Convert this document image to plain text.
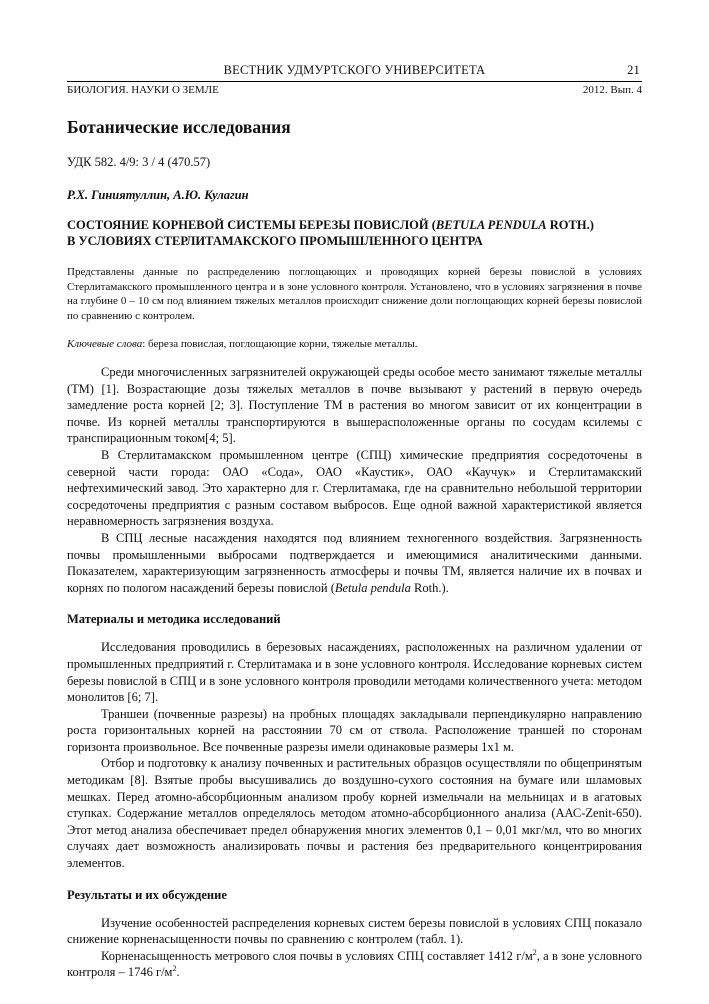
ВЕСТНИК УДМУРТСКОГО УНИВЕРСИТЕТА	21
БИОЛОГИЯ. НАУКИ О ЗЕМЛЕ	2012. Вып. 4
Ботанические исследования
УДК 582. 4/9: 3 / 4 (470.57)
Р.Х. Гиниятуллин, А.Ю. Кулагин
СОСТОЯНИЕ КОРНЕВОЙ СИСТЕМЫ БЕРЕЗЫ ПОВИСЛОЙ (BETULA PENDULA ROTH.)
В УСЛОВИЯХ СТЕРЛИТАМАКСКОГО ПРОМЫШЛЕННОГО ЦЕНТРА
Представлены данные по распределению поглощающих и проводящих корней березы повислой в условиях Стерлитамакского промышленного центра и в зоне условного контроля. Установлено, что в условиях загрязнения в почве на глубине 0 – 10 см под влиянием тяжелых металлов происходит снижение доли поглощающих корней березы повислой по сравнению с контролем.
Ключевые слова: береза повислая, поглощающие корни, тяжелые металлы.

Среди многочисленных загрязнителей окружающей среды особое место занимают тяжелые металлы (ТМ) [1]. Возрастающие дозы тяжелых металлов в почве вызывают у растений в первую очередь замедление роста корней [2; 3]. Поступление ТМ в растения во многом зависит от их концентрации в почве. Из корней металлы транспортируются в вышерасположенные органы по сосудам ксилемы с транспирационным током[4; 5].

В Стерлитамакском промышленном центре (СПЦ) химические предприятия сосредоточены в северной части города: ОАО «Сода», ОАО «Каустик», ОАО «Каучук» и Стерлитамакский нефтехимический завод. Это характерно для г. Стерлитамака, где на сравнительно небольшой территории сосредоточены предприятия с разным составом выбросов. Еще одной важной характеристикой является неравномерность загрязнения воздуха.

В СПЦ лесные насаждения находятся под влиянием техногенного воздействия. Загрязненность почвы промышленными выбросами подтверждается и имеющимися аналитическими данными. Показателем, характеризующим загрязненность атмосферы и почвы ТМ, является наличие их в почвах и корнях по пологом насаждений березы повислой (Betula pendula Roth.).

Материалы и методика исследований

Исследования проводились в березовых насаждениях, расположенных на различном удалении от промышленных предприятий г. Стерлитамака и в зоне условного контроля. Исследование корневых систем березы повислой в СПЦ и в зоне условного контроля проводили методами количественного учета: методом монолитов [6; 7].

Траншеи (почвенные разрезы) на пробных площадях закладывали перпендикулярно направлению роста горизонтальных корней на расстоянии 70 см от ствола. Расположение траншей по сторонам горизонта произвольное. Все почвенные разрезы имели одинаковые размеры 1х1 м.

Отбор и подготовку к анализу почвенных и растительных образцов осуществляли по общепринятым методикам [8]. Взятые пробы высушивались до воздушно-сухого состояния на бумаге или шламовых мешках. Перед атомно-абсорбционным анализом пробу корней измельчали на мельницах и в агатовых ступках. Содержание металлов определялось методом атомно-абсорбционного анализа (ААС-Zenit-650). Этот метод анализа обеспечивает предел обнаружения многих элементов 0,1 – 0,01 мкг/мл, что во многих случаях дает возможность анализировать почвы и растения без предварительного концентрирования элементов.

Результаты и их обсуждение

Изучение особенностей распределения корневых систем березы повислой в условиях СПЦ показало снижение корненасыщенности почвы по сравнению с контролем (табл. 1).

Корненасыщенность метрового слоя почвы в условиях СПЦ составляет 1412 $г/м^2$, а в зоне условного контроля – 1746 $г/м^2$.
